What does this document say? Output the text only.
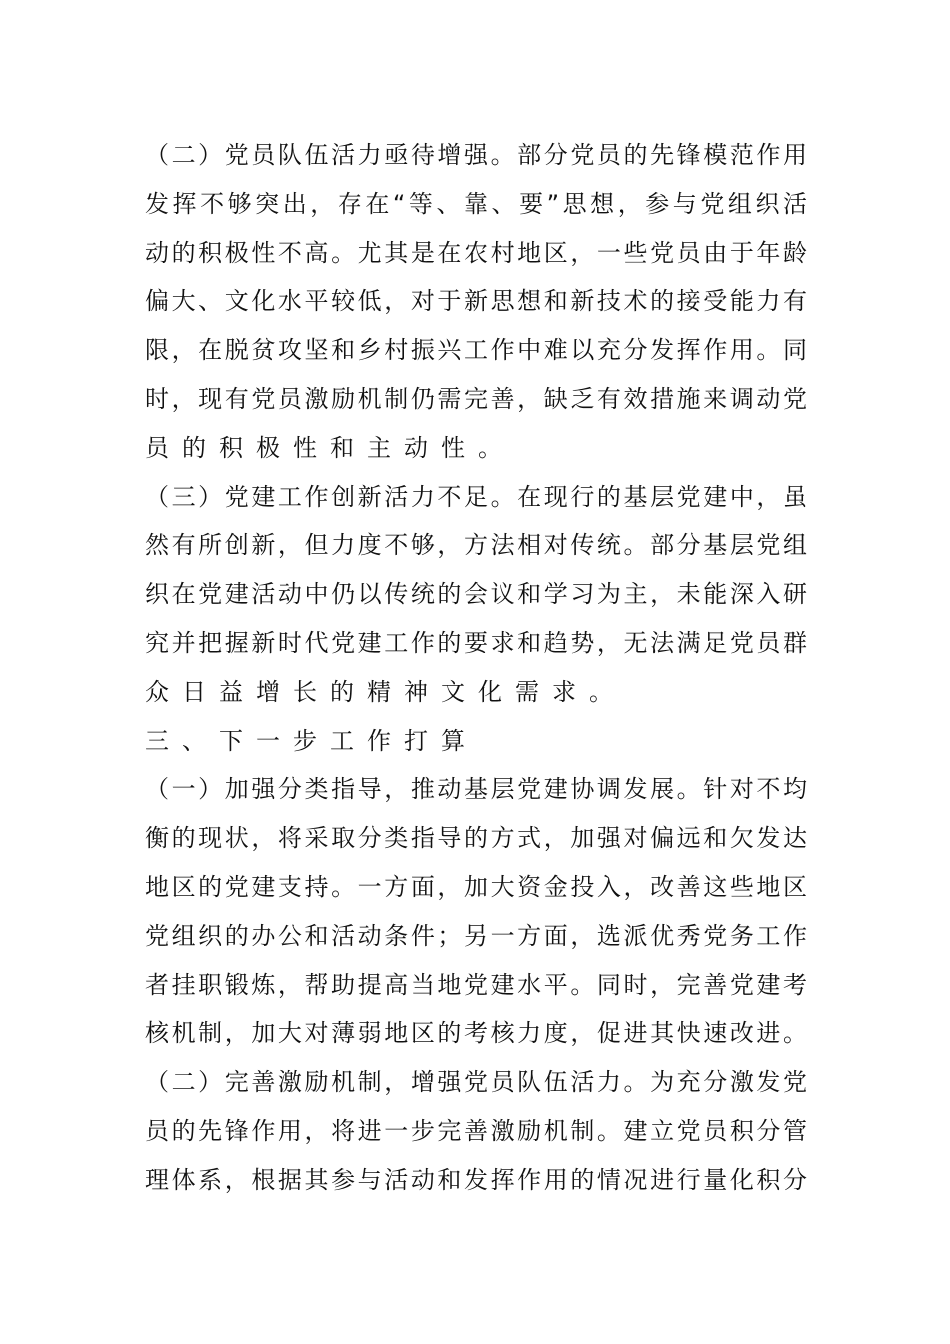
（二）党员队伍活力亟待增强。部分党员的先锋模范作用
发挥不够突出，存在“等、靠、要”思想，参与党组织活
动的积极性不高。尤其是在农村地区，一些党员由于年龄
偏大、文化水平较低，对于新思想和新技术的接受能力有
限，在脱贫攻坚和乡村振兴工作中难以充分发挥作用。同
时，现有党员激励机制仍需完善，缺乏有效措施来调动党
员的积极性和主动性。
（三）党建工作创新活力不足。在现行的基层党建中，虽
然有所创新，但力度不够，方法相对传统。部分基层党组
织在党建活动中仍以传统的会议和学习为主，未能深入研
究并把握新时代党建工作的要求和趋势，无法满足党员群
众日益增长的精神文化需求。
三、下一步工作打算
（一）加强分类指导，推动基层党建协调发展。针对不均
衡的现状，将采取分类指导的方式，加强对偏远和欠发达
地区的党建支持。一方面，加大资金投入，改善这些地区
党组织的办公和活动条件；另一方面，选派优秀党务工作
者挂职锻炼，帮助提高当地党建水平。同时，完善党建考
核机制，加大对薄弱地区的考核力度，促进其快速改进。
（二）完善激励机制，增强党员队伍活力。为充分激发党
员的先锋作用，将进一步完善激励机制。建立党员积分管
理体系，根据其参与活动和发挥作用的情况进行量化积分
